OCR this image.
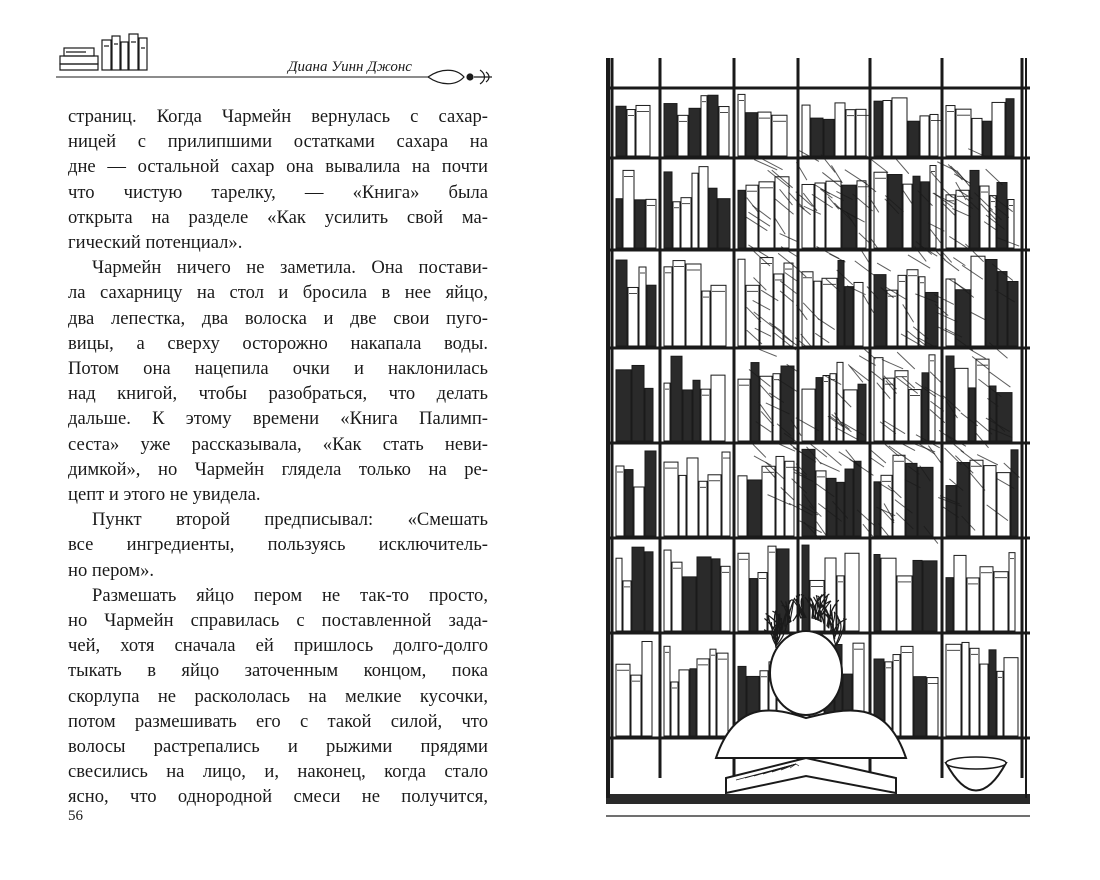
Диана Уинн Джонс

страниц. Когда Чармейн вернулась с сахар-
ницей с прилипшими остатками сахара на
дне — остальной сахар она вывалила на почти
что чистую тарелку, — «Книга» была
открыта на разделе «Как усилить свой ма-
гический потенциал».

Чармейн ничего не заметила. Она постави-
ла сахарницу на стол и бросила в нее яйцо,
два лепестка, два волоска и две свои пуго-
вицы, а сверху осторожно накапала воды.
Потом она нацепила очки и наклонилась
над книгой, чтобы разобраться, что делать
дальше. К этому времени «Книга Палимп-
сеста» уже рассказывала, «Как стать неви-
димкой», но Чармейн глядела только на ре-
цепт и этого не увидела.

Пункт второй предписывал: «Смешать
все ингредиенты, пользуясь исключитель-
но пером».

Размешать яйцо пером не так-то просто,
но Чармейн справилась с поставленной зада-
чей, хотя сначала ей пришлось долго-долго
тыкать в яйцо заточенным концом, пока
скорлупа не раскололась на мелкие кусочки,
потом размешивать его с такой силой, что
волосы растрепались и рыжими прядями
свесились на лицо, и, наконец, когда стало
ясно, что однородной смеси не получится,

56
